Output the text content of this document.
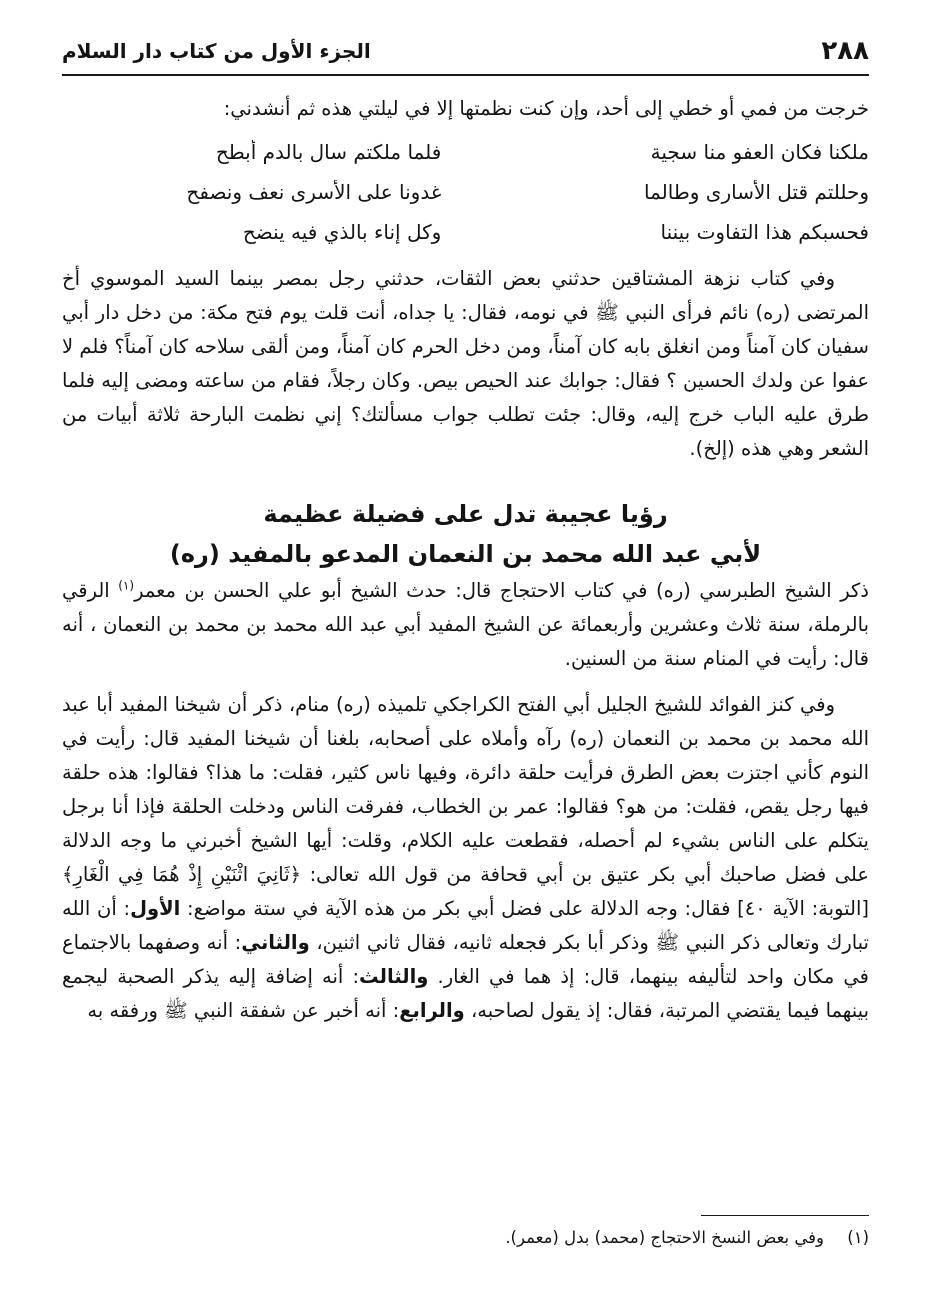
٢٨٨
الجزء الأول من كتاب دار السلام

خرجت من فمي أو خطي إلى أحد، وإن كنت نظمتها إلا في ليلتي هذه ثم أنشدني:

ملكنا فكان العفو منا سجية
فلما ملكتم سال بالدم أبطح
وحللتم قتل الأسارى وطالما
غدونا على الأسرى نعف ونصفح
فحسبكم هذا التفاوت بيننا
وكل إناء بالذي فيه ينضح

وفي كتاب نزهة المشتاقين حدثني بعض الثقات، حدثني رجل بمصر بينما السيد الموسوي أخ المرتضى (ره) نائم فرأى النبي ﷺ في نومه، فقال: يا جداه، أنت قلت يوم فتح مكة: من دخل دار أبي سفيان كان آمناً ومن انغلق بابه كان آمناً، ومن دخل الحرم كان آمناً، ومن ألقى سلاحه كان آمناً؟ فلم لا عفوا عن ولدك الحسين ؟ فقال: جوابك عند الحيص بيص. وكان رجلاً، فقام من ساعته ومضى إليه فلما طرق عليه الباب خرج إليه، وقال: جئت تطلب جواب مسألتك؟ إني نظمت البارحة ثلاثة أبيات من الشعر وهي هذه (إلخ).

رؤيا عجيبة تدل على فضيلة عظيمة
لأبي عبد الله محمد بن النعمان المدعو بالمفيد (ره)

ذكر الشيخ الطبرسي (ره) في كتاب الاحتجاج قال: حدث الشيخ أبو علي الحسن بن معمر$^{(١)}$ الرقي بالرملة، سنة ثلاث وعشرين وأربعمائة عن الشيخ المفيد أبي عبد الله محمد بن محمد بن النعمان ، أنه قال: رأيت في المنام سنة من السنين.

وفي كنز الفوائد للشيخ الجليل أبي الفتح الكراجكي تلميذه (ره) منام، ذكر أن شيخنا المفيد أبا عبد الله محمد بن محمد بن النعمان (ره) رآه وأملاه على أصحابه، بلغنا أن شيخنا المفيد قال: رأيت في النوم كأني اجتزت بعض الطرق فرأيت حلقة دائرة، وفيها ناس كثير، فقلت: ما هذا؟ فقالوا: هذه حلقة فيها رجل يقص، فقلت: من هو؟ فقالوا: عمر بن الخطاب، ففرقت الناس ودخلت الحلقة فإذا أنا برجل يتكلم على الناس بشيء لم أحصله، فقطعت عليه الكلام، وقلت: أيها الشيخ أخبرني ما وجه الدلالة على فضل صاحبك أبي بكر عتيق بن أبي قحافة من قول الله تعالى: ﴿ثَانِيَ اثْنَيْنِ إِذْ هُمَا فِي الْغَارِ﴾ [التوبة: الآية ٤٠] فقال: وجه الدلالة على فضل أبي بكر من هذه الآية في ستة مواضع: الأول: أن الله تبارك وتعالى ذكر النبي ﷺ وذكر أبا بكر فجعله ثانيه، فقال ثاني اثنين، والثاني: أنه وصفهما بالاجتماع في مكان واحد لتأليفه بينهما، قال: إذ هما في الغار. والثالث: أنه إضافة إليه يذكر الصحبة ليجمع بينهما فيما يقتضي المرتبة، فقال: إذ يقول لصاحبه، والرابع: أنه أخبر عن شفقة النبي ﷺ ورفقه به

(١) وفي بعض النسخ الاحتجاج (محمد) بدل (معمر).
